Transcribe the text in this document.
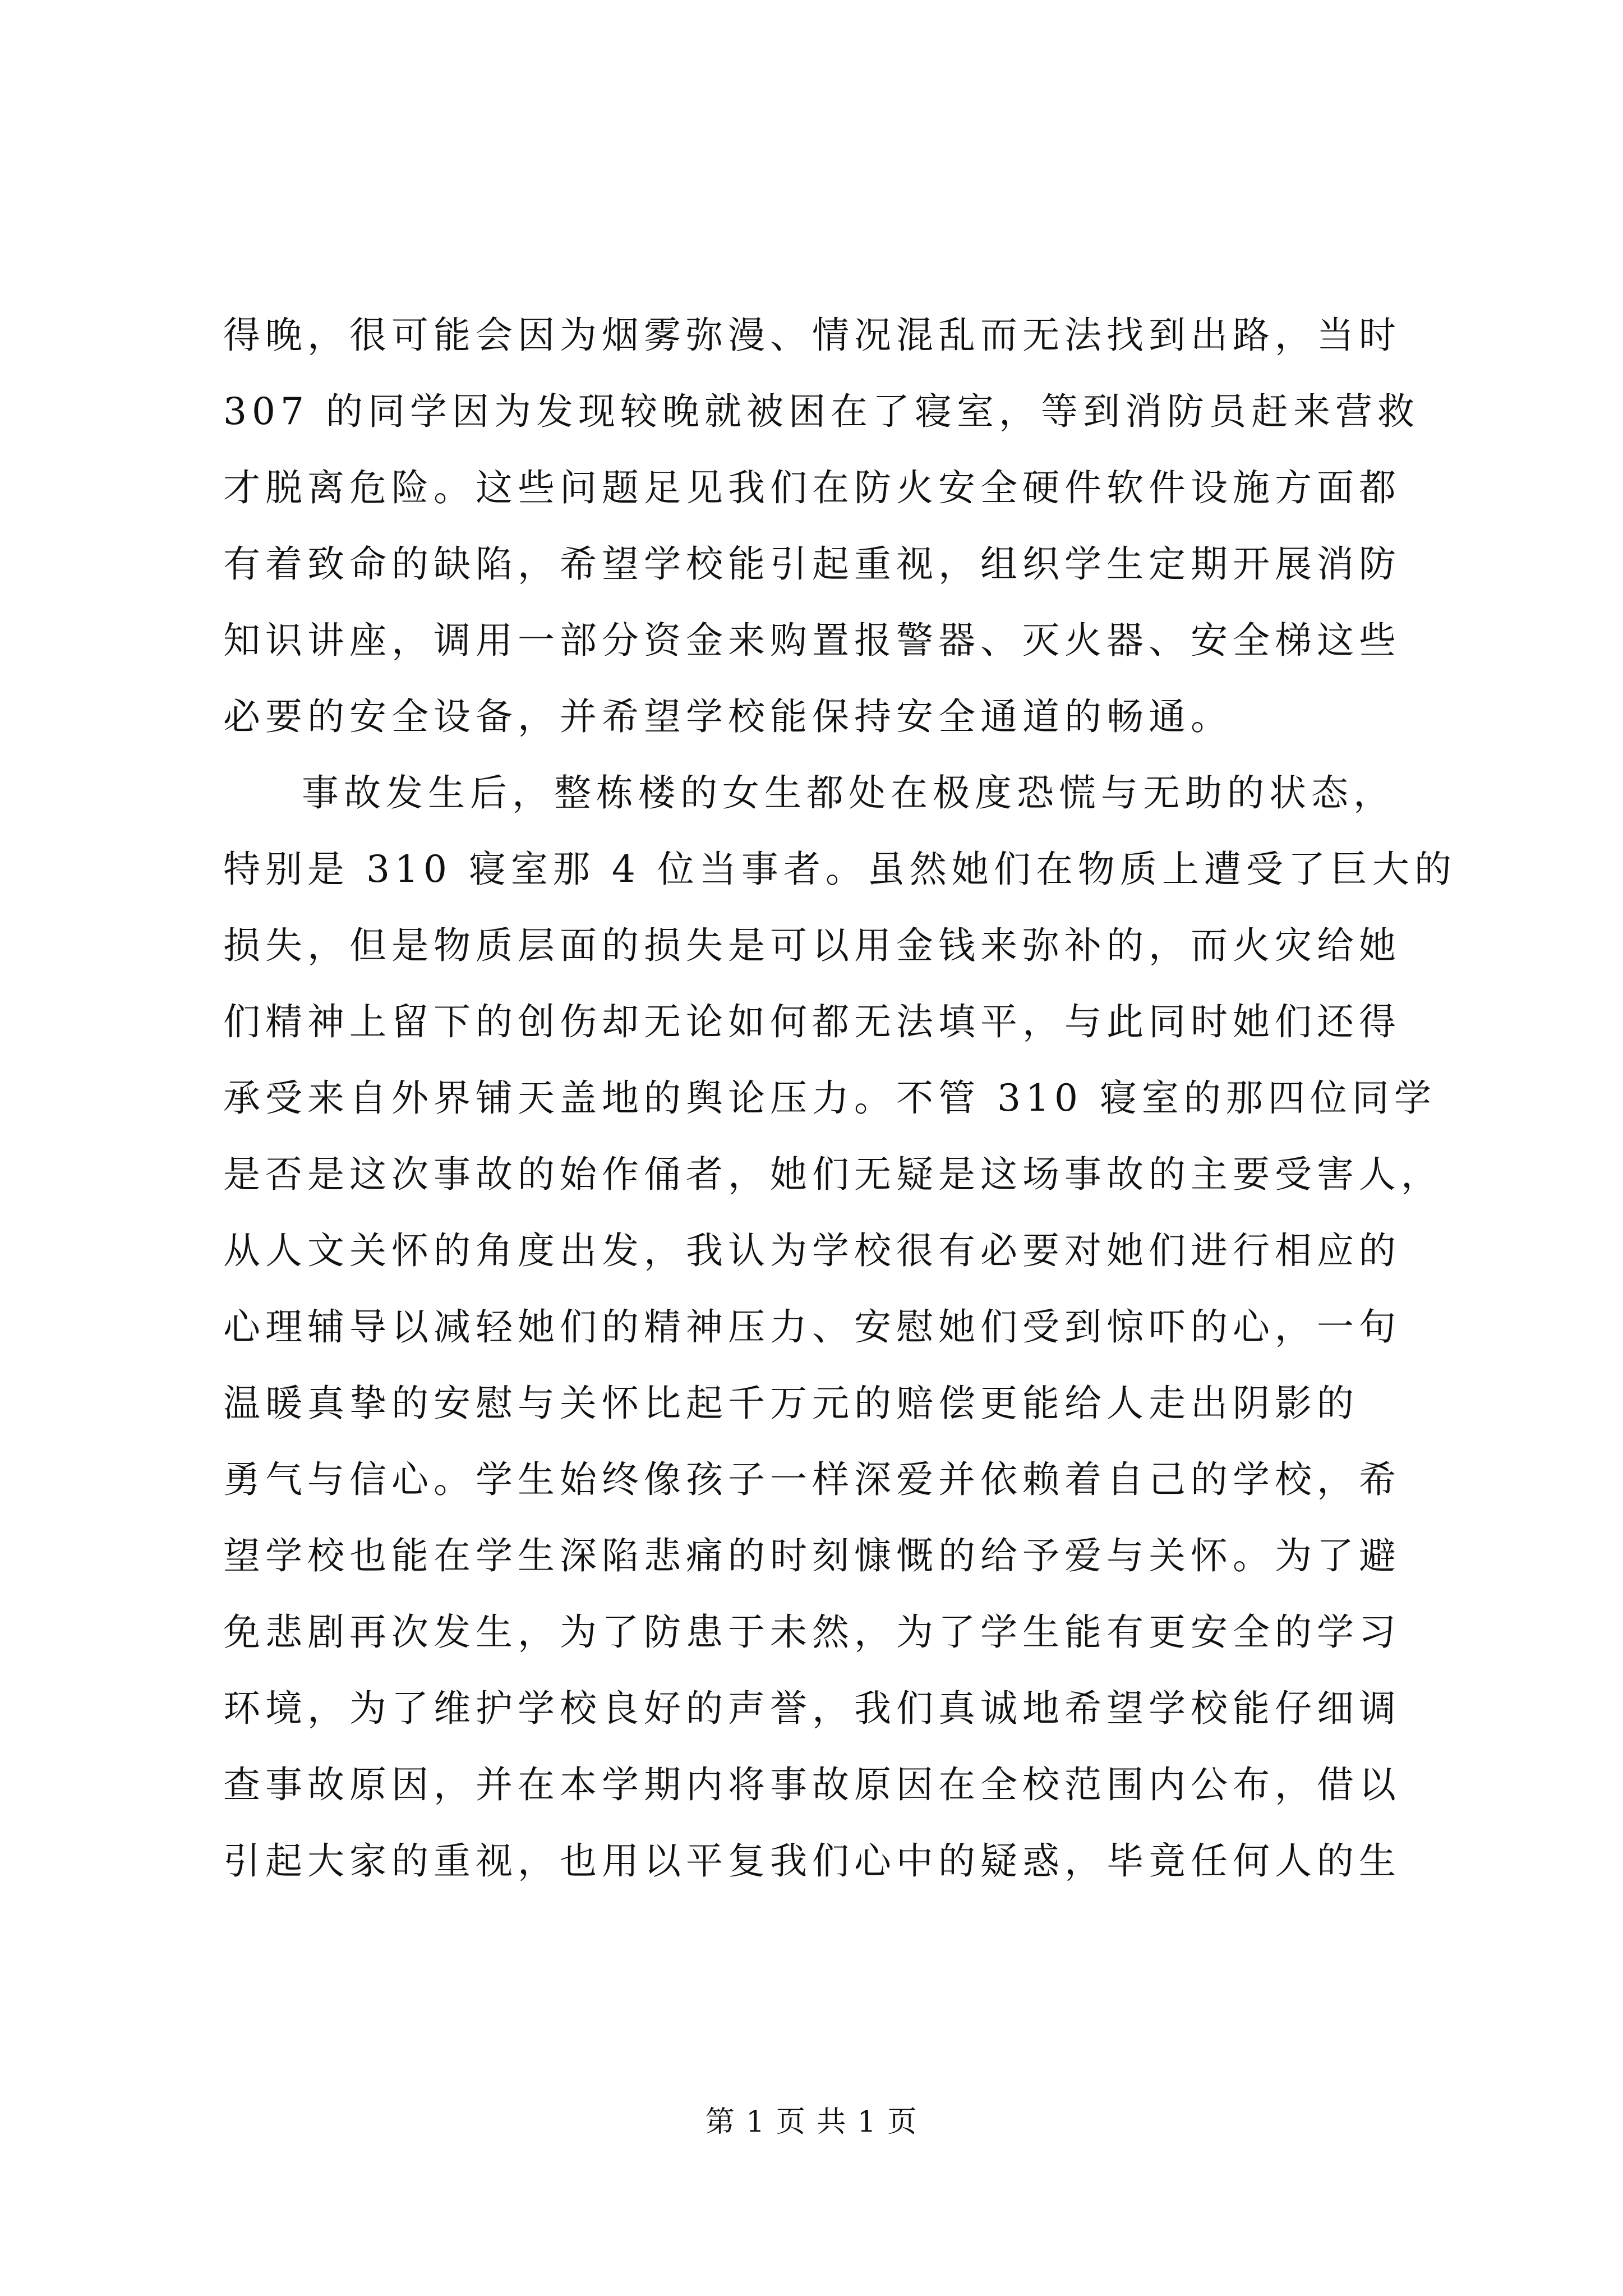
得晚，很可能会因为烟雾弥漫、情况混乱而无法找到出路，当时
307 的同学因为发现较晚就被困在了寝室，等到消防员赶来营救
才脱离危险。这些问题足见我们在防火安全硬件软件设施方面都
有着致命的缺陷，希望学校能引起重视，组织学生定期开展消防
知识讲座，调用一部分资金来购置报警器、灭火器、安全梯这些
必要的安全设备，并希望学校能保持安全通道的畅通。
事故发生后，整栋楼的女生都处在极度恐慌与无助的状态，
特别是 310 寝室那 4 位当事者。虽然她们在物质上遭受了巨大的
损失，但是物质层面的损失是可以用金钱来弥补的，而火灾给她
们精神上留下的创伤却无论如何都无法填平，与此同时她们还得
承受来自外界铺天盖地的舆论压力。不管 310 寝室的那四位同学
是否是这次事故的始作俑者，她们无疑是这场事故的主要受害人，
从人文关怀的角度出发，我认为学校很有必要对她们进行相应的
心理辅导以减轻她们的精神压力、安慰她们受到惊吓的心，一句
温暖真挚的安慰与关怀比起千万元的赔偿更能给人走出阴影的
勇气与信心。学生始终像孩子一样深爱并依赖着自己的学校，希
望学校也能在学生深陷悲痛的时刻慷慨的给予爱与关怀。为了避
免悲剧再次发生，为了防患于未然，为了学生能有更安全的学习
环境，为了维护学校良好的声誉，我们真诚地希望学校能仔细调
查事故原因，并在本学期内将事故原因在全校范围内公布，借以
引起大家的重视，也用以平复我们心中的疑惑，毕竟任何人的生
第 1 页 共 1 页
